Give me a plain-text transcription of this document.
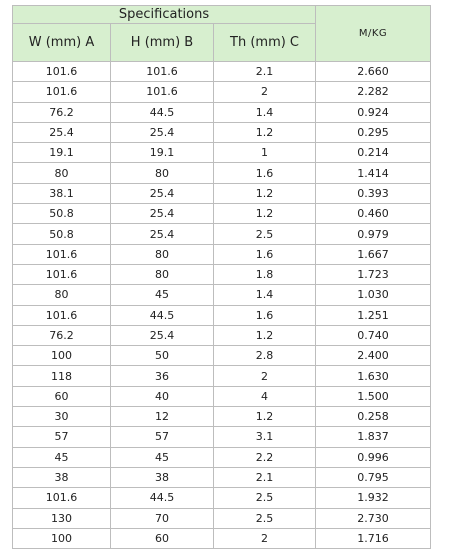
Specifications			M/KG
W (mm) A	H (mm) B	Th (mm) C	
101.6	101.6	2.1	2.660
101.6	101.6	2	2.282
76.2	44.5	1.4	0.924
25.4	25.4	1.2	0.295
19.1	19.1	1	0.214
80	80	1.6	1.414
38.1	25.4	1.2	0.393
50.8	25.4	1.2	0.460
50.8	25.4	2.5	0.979
101.6	80	1.6	1.667
101.6	80	1.8	1.723
80	45	1.4	1.030
101.6	44.5	1.6	1.251
76.2	25.4	1.2	0.740
100	50	2.8	2.400
118	36	2	1.630
60	40	4	1.500
30	12	1.2	0.258
57	57	3.1	1.837
45	45	2.2	0.996
38	38	2.1	0.795
101.6	44.5	2.5	1.932
130	70	2.5	2.730
100	60	2	1.716
